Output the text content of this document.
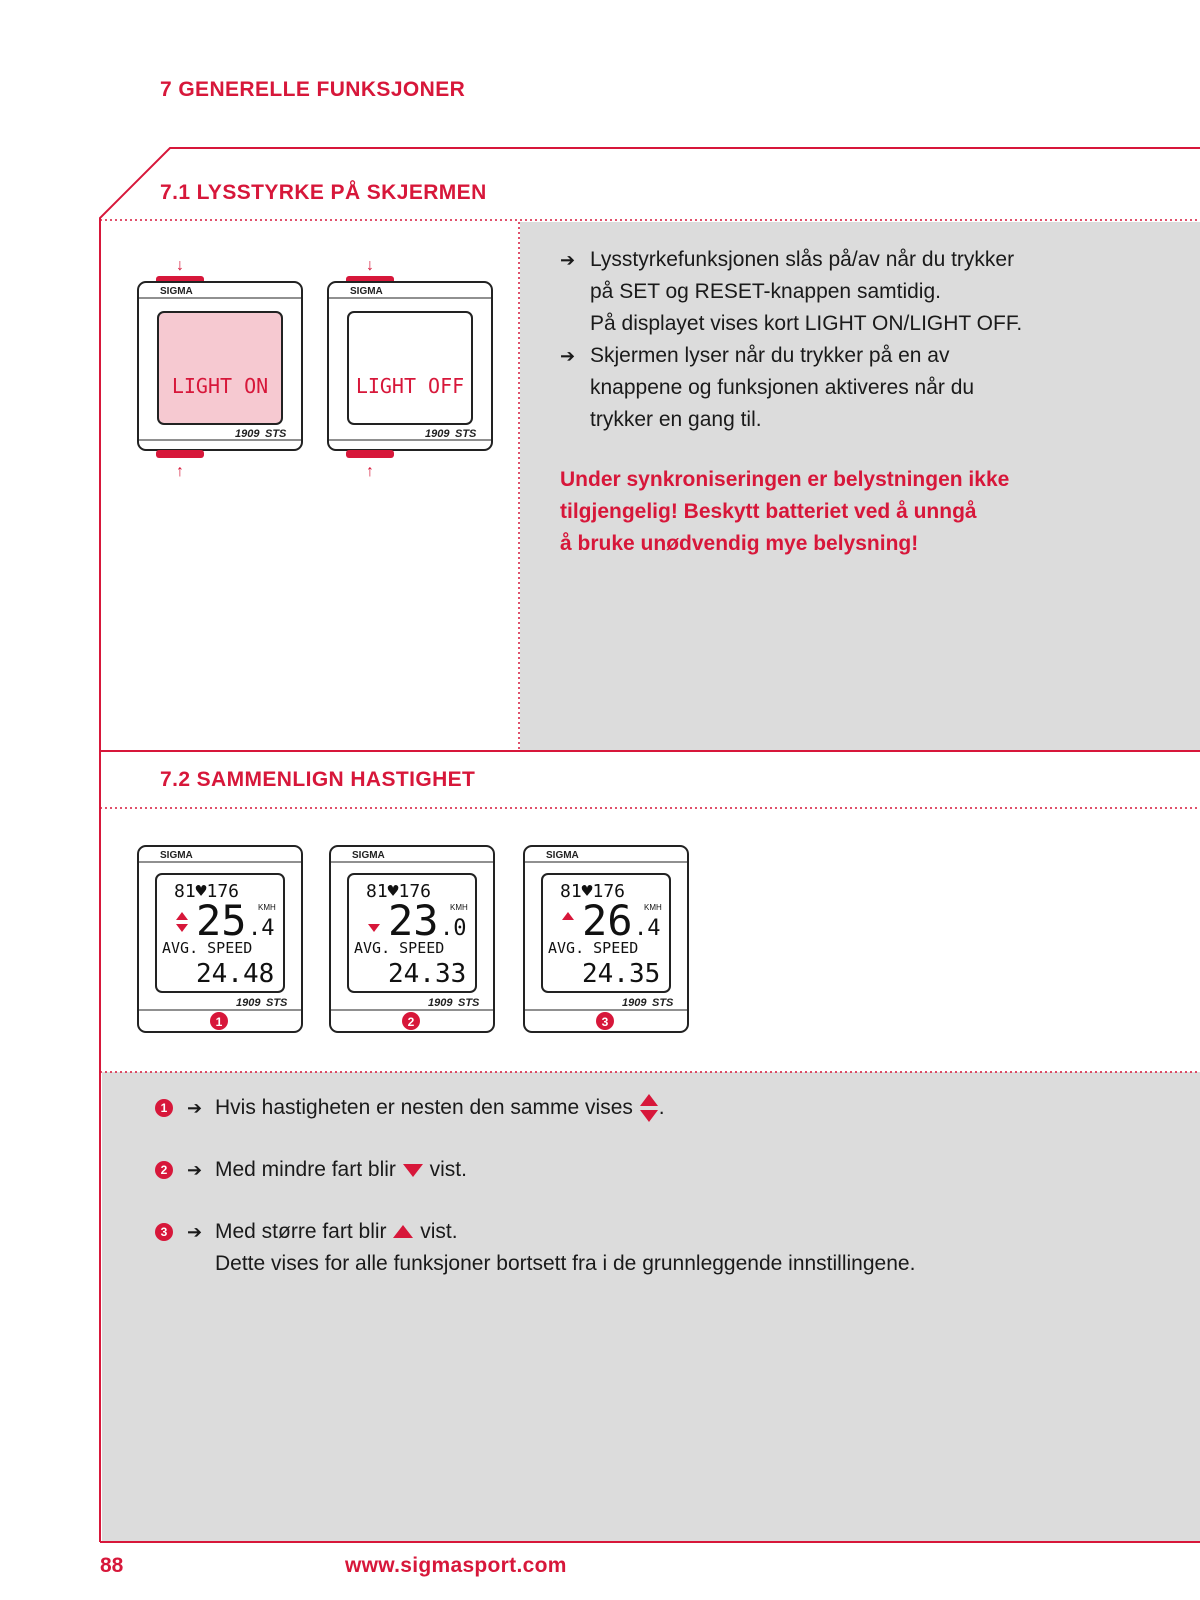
7 GENERELLE FUNKSJONER
7.1 LYSSTYRKE PÅ SKJERMEN
7.2 SAMMENLIGN HASTIGHET
↓
SIGMA
LIGHT ON
1909 STS
↑
↓
SIGMA
LIGHT OFF
1909 STS
↑
➔ Lysstyrkefunksjonen slås på/av når du trykker
på SET og RESET-knappen samtidig.
På displayet vises kort LIGHT ON/LIGHT OFF.
➔ Skjermen lyser når du trykker på en av
knappene og funksjonen aktiveres når du
trykker en gang til.
Under synkroniseringen er belystningen ikke
tilgjengelig! Beskytt batteriet ved å unngå
å bruke unødvendig mye belysning!
SIGMA
81♥176
25 .4
KMH
AVG. SPEED
24.48
1909 STS
1
SIGMA
81♥176
23 .0
KMH
AVG. SPEED
24.33
1909 STS
2
SIGMA
81♥176
26 .4
KMH
AVG. SPEED
24.35
1909 STS
3
1	➔ Hvis hastigheten er nesten den samme vises .
2	➔ Med mindre fart blir vist.
3	➔ Med større fart blir vist.
Dette vises for alle funksjoner bortsett fra i de grunnleggende innstillingene.
88	www.sigmasport.com
